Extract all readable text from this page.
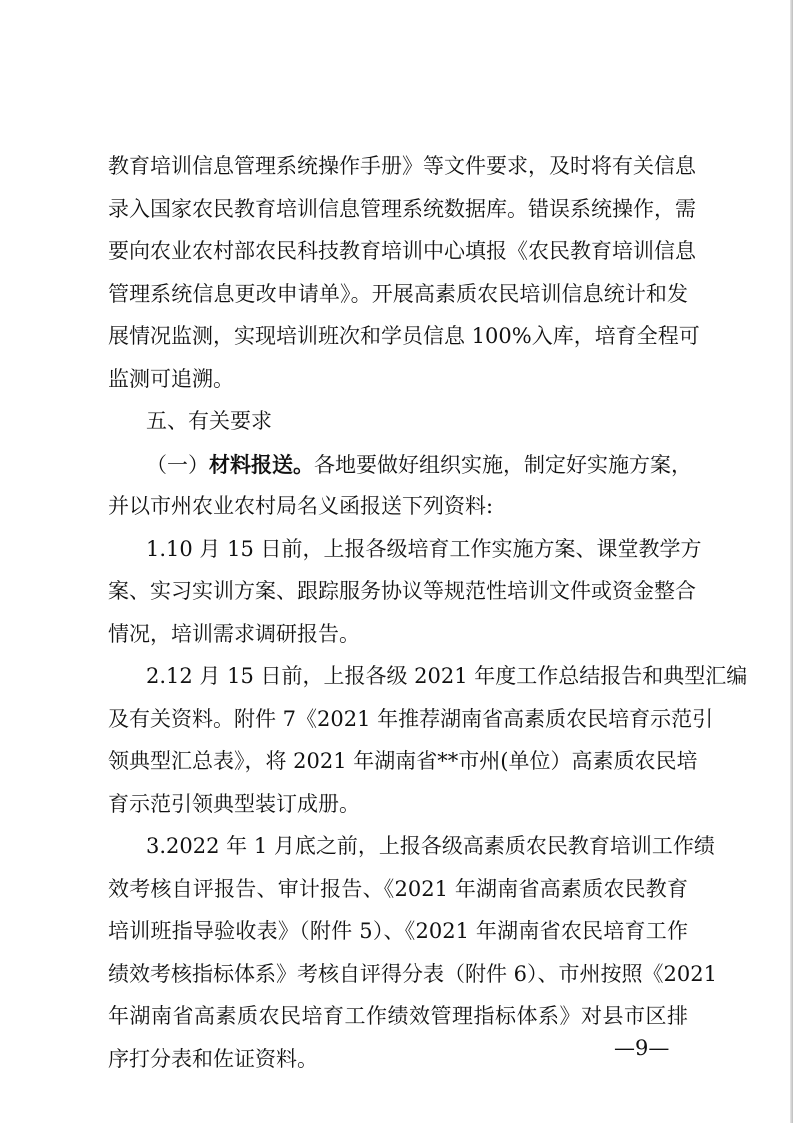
教育培训信息管理系统操作手册》等文件要求，及时将有关信息
录入国家农民教育培训信息管理系统数据库。错误系统操作，需
要向农业农村部农民科技教育培训中心填报《农民教育培训信息
管理系统信息更改申请单》。开展高素质农民培训信息统计和发
展情况监测，实现培训班次和学员信息 100%入库，培育全程可
监测可追溯。
五、有关要求
（一）材料报送。各地要做好组织实施，制定好实施方案，
并以市州农业农村局名义函报送下列资料:
1.10 月 15 日前，上报各级培育工作实施方案、课堂教学方
案、实习实训方案、跟踪服务协议等规范性培训文件或资金整合
情况，培训需求调研报告。
2.12 月 15 日前，上报各级 2021 年度工作总结报告和典型汇编
及有关资料。附件 7《2021 年推荐湖南省高素质农民培育示范引
领典型汇总表》，将 2021 年湖南省**市州(单位）高素质农民培
育示范引领典型装订成册。
3.2022 年 1 月底之前，上报各级高素质农民教育培训工作绩
效考核自评报告、审计报告、《2021 年湖南省高素质农民教育
培训班指导验收表》（附件 5）、《2021 年湖南省农民培育工作
绩效考核指标体系》考核自评得分表（附件 6）、市州按照《2021
年湖南省高素质农民培育工作绩效管理指标体系》对县市区排
序打分表和佐证资料。	—9—
